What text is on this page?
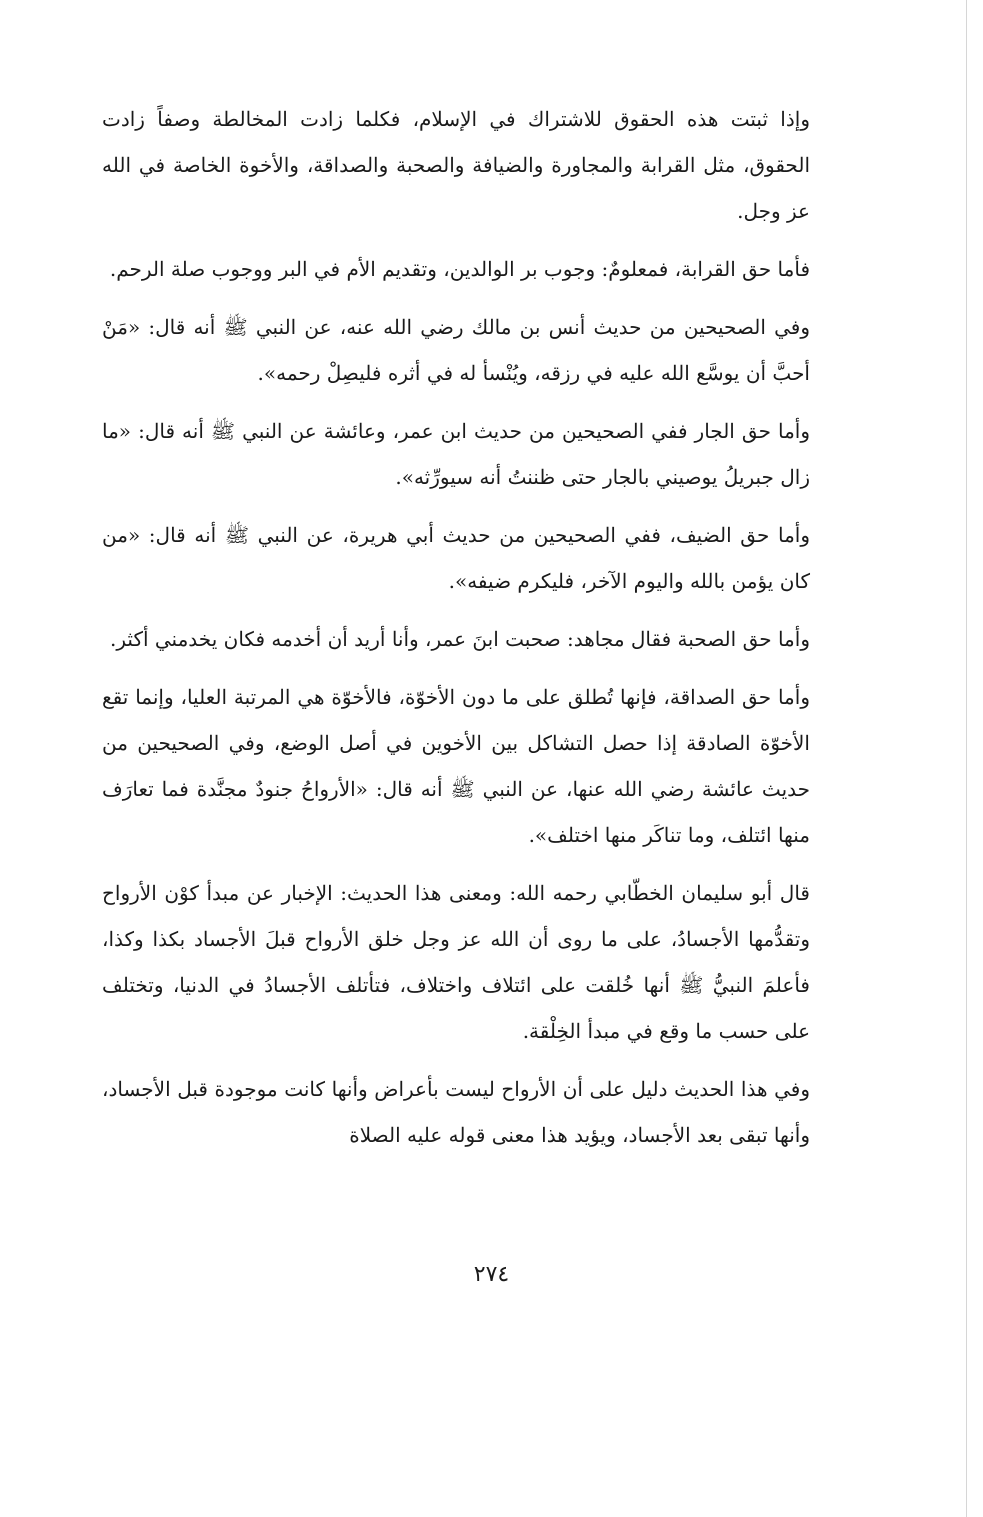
وإذا ثبتت هذه الحقوق للاشتراك في الإسلام، فكلما زادت المخالطة وصفاً زادت الحقوق، مثل القرابة والمجاورة والضيافة والصحبة والصداقة، والأخوة الخاصة في الله عز وجل.

فأما حق القرابة، فمعلومٌ: وجوب بر الوالدين، وتقديم الأم في البر ووجوب صلة الرحم.

وفي الصحيحين من حديث أنس بن مالك رضي الله عنه، عن النبي ﷺ أنه قال: «مَنْ أحبَّ أن يوسَّع الله عليه في رزقه، ويُنْسأ له في أثره فليصِلْ رحمه».

وأما حق الجار ففي الصحيحين من حديث ابن عمر، وعائشة عن النبي ﷺ أنه قال: «ما زال جبريلُ يوصيني بالجار حتى ظننتُ أنه سيورِّثه».

وأما حق الضيف، ففي الصحيحين من حديث أبي هريرة، عن النبي ﷺ أنه قال: «من كان يؤمن بالله واليوم الآخر، فليكرم ضيفه».

وأما حق الصحبة فقال مجاهد: صحبت ابنَ عمر، وأنا أريد أن أخدمه فكان يخدمني أكثر.

وأما حق الصداقة، فإنها تُطلق على ما دون الأخوّة، فالأخوّة هي المرتبة العليا، وإنما تقع الأخوّة الصادقة إذا حصل التشاكل بين الأخوين في أصل الوضع، وفي الصحيحين من حديث عائشة رضي الله عنها، عن النبي ﷺ أنه قال: «الأرواحُ جنودٌ مجنَّدة فما تعارَف منها ائتلف، وما تناكَر منها اختلف».

قال أبو سليمان الخطّابي رحمه الله: ومعنى هذا الحديث: الإخبار عن مبدأ كوْن الأرواح وتقدُّمها الأجسادُ، على ما روى أن الله عز وجل خلق الأرواح قبلَ الأجساد بكذا وكذا، فأعلمَ النبيُّ ﷺ أنها خُلقت على ائتلاف واختلاف، فتأتلف الأجسادُ في الدنيا، وتختلف على حسب ما وقع في مبدأ الخِلْقة.

وفي هذا الحديث دليل على أن الأرواح ليست بأعراض وأنها كانت موجودة قبل الأجساد، وأنها تبقى بعد الأجساد، ويؤيد هذا معنى قوله عليه الصلاة

٢٧٤
